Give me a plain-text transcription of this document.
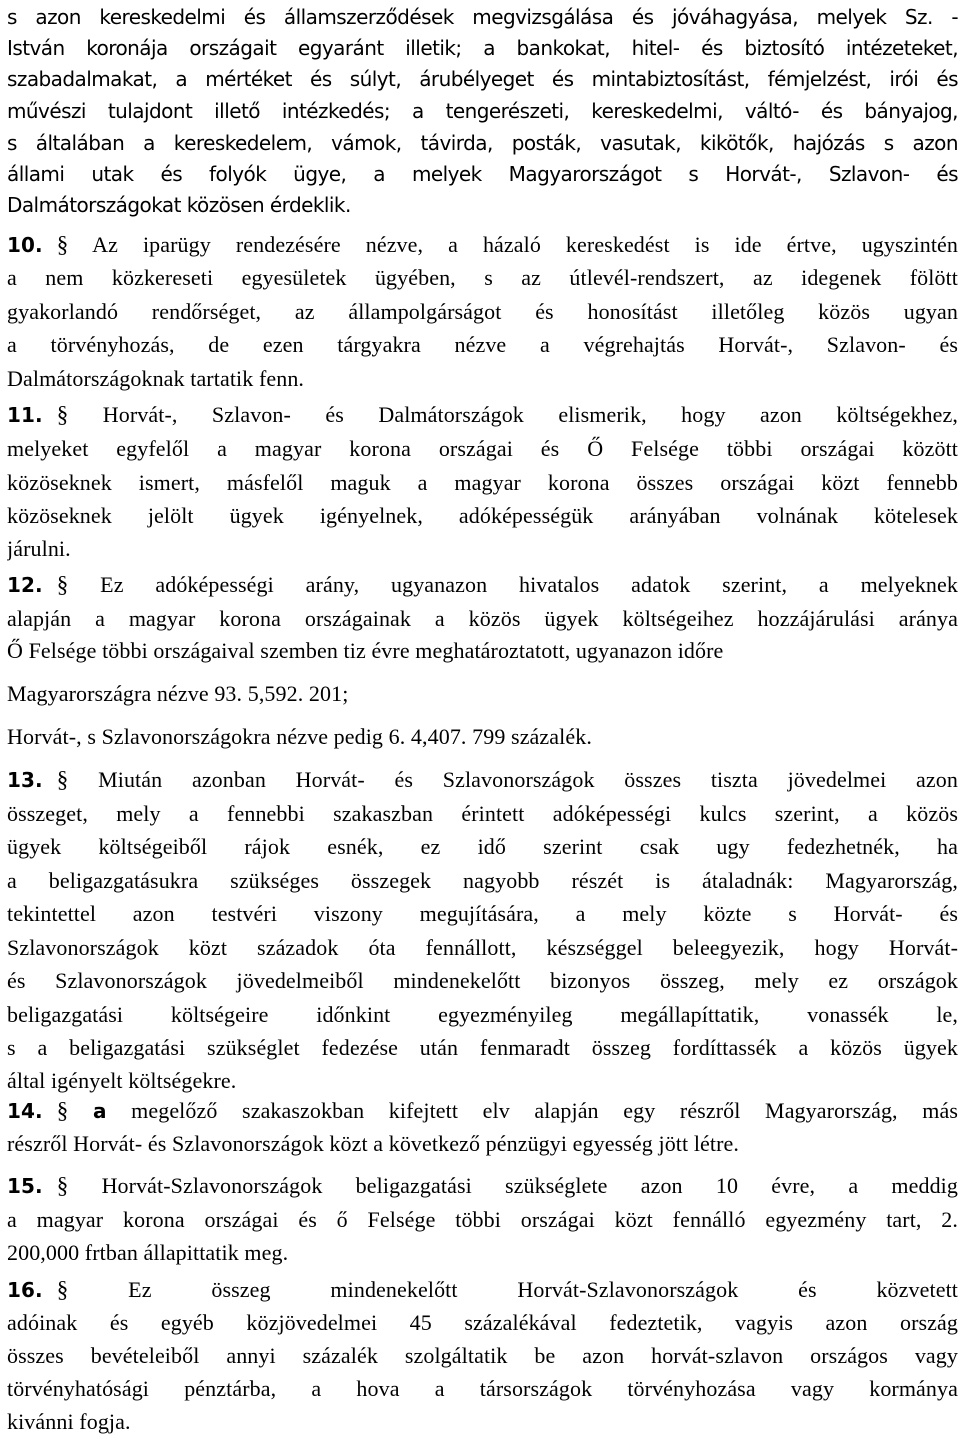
s azon kereskedelmi és államszerződések megvizsgálása és jóváhagyása, melyek Sz. -
István koronája országait egyaránt illetik; a bankokat, hitel- és biztosító intézeteket,
szabadalmakat, a mértéket és súlyt, árubélyeget és mintabiztosítást, fémjelzést, irói és
művészi tulajdont illető intézkedés; a tengerészeti, kereskedelmi, váltó- és bányajog,
s általában a kereskedelem, vámok, távirda, posták, vasutak, kikötők, hajózás s azon
állami utak és folyók ügye, a melyek Magyarországot s Horvát-, Szlavon- és
Dalmátországokat közösen érdeklik.
10. § Az iparügy rendezésére nézve, a házaló kereskedést is ide értve, ugyszintén
a nem közkereseti egyesületek ügyében, s az útlevél-rendszert, az idegenek fölött
gyakorlandó rendőrséget, az állampolgárságot és honosítást illetőleg közös ugyan
a törvényhozás, de ezen tárgyakra nézve a végrehajtás Horvát-, Szlavon- és
Dalmátországoknak tartatik fenn.
11. § Horvát-, Szlavon- és Dalmátországok elismerik, hogy azon költségekhez,
melyeket egyfelől a magyar korona országai és Ő Felsége többi országai között
közöseknek ismert, másfelől maguk a magyar korona összes országai közt fennebb
közöseknek jelölt ügyek igényelnek, adóképességük arányában volnának kötelesek
járulni.
12. § Ez adóképességi arány, ugyanazon hivatalos adatok szerint, a melyeknek
alapján a magyar korona országainak a közös ügyek költségeihez hozzájárulási aránya
Ő Felsége többi országaival szemben tiz évre meghatároztatott, ugyanazon időre
Magyarországra nézve 93. 5,592. 201;
Horvát-, s Szlavonországokra nézve pedig 6. 4,407. 799 százalék.
13. § Miután azonban Horvát- és Szlavonországok összes tiszta jövedelmei azon
összeget, mely a fennebbi szakaszban érintett adóképességi kulcs szerint, a közös
ügyek költségeiből rájok esnék, ez idő szerint csak ugy fedezhetnék, ha
a beligazgatásukra szükséges összegek nagyobb részét is átaladnák: Magyarország,
tekintettel azon testvéri viszony megujítására, a mely közte s Horvát- és
Szlavonországok közt századok óta fennállott, készséggel beleegyezik, hogy Horvát-
és Szlavonországok jövedelmeiből mindenekelőtt bizonyos összeg, mely ez országok
beligazgatási költségeire időnkint egyezményileg megállapíttatik, vonassék le,
s a beligazgatási szükséglet fedezése után fenmaradt összeg fordíttassék a közös ügyek
által igényelt költségekre.
14. § a megelőző szakaszokban kifejtett elv alapján egy részről Magyarország, más
részről Horvát- és Szlavonországok közt a következő pénzügyi egyesség jött létre.
15. § Horvát-Szlavonországok beligazgatási szükséglete azon 10 évre, a meddig
a magyar korona országai és ő Felsége többi országai közt fennálló egyezmény tart, 2.
200,000 frtban állapittatik meg.
16. §	Ez összeg mindenekelőtt Horvát-Szlavonországok és közvetett
adóinak és egyéb közjövedelmei 45 százalékával fedeztetik, vagyis azon ország
összes bevételeiből annyi százalék szolgáltatik be azon horvát-szlavon országos vagy
törvényhatósági pénztárba, a hova a társországok törvényhozása vagy kormánya
kivánni fogja.
